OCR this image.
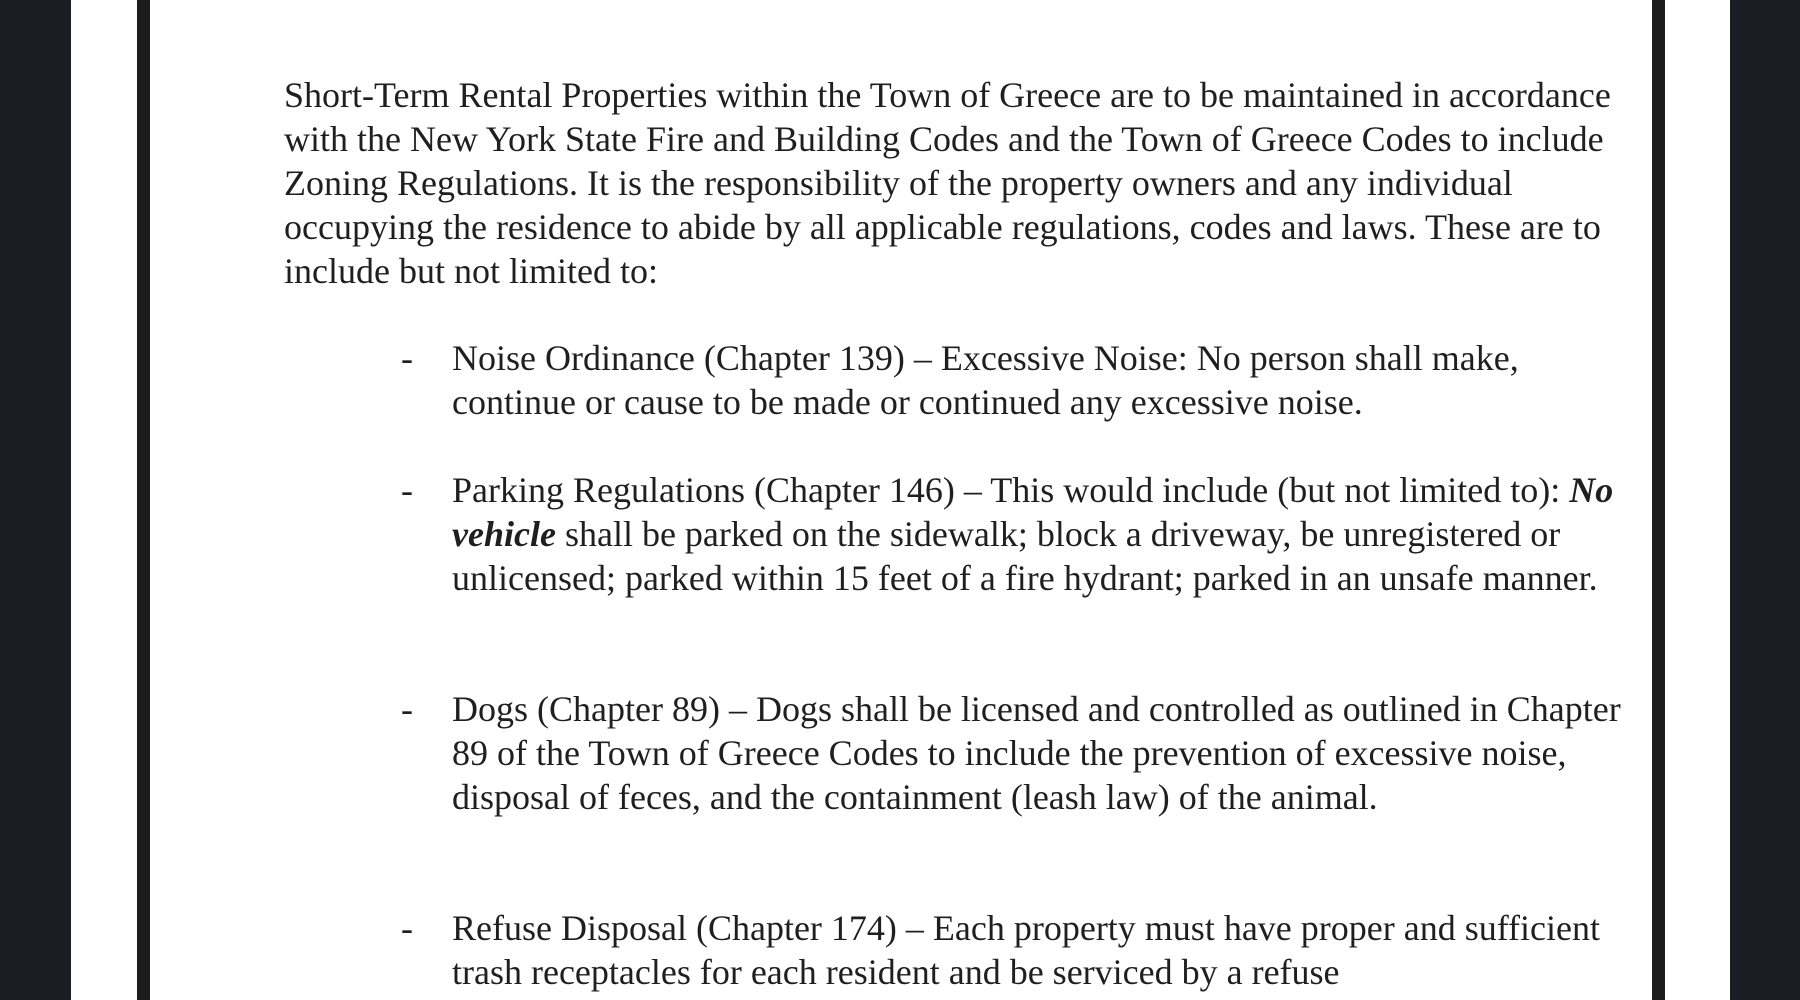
Short-Term Rental Properties within the Town of Greece are to be maintained in accordance with the New York State Fire and Building Codes and the Town of Greece Codes to include Zoning Regulations. It is the responsibility of the property owners and any individual occupying the residence to abide by all applicable regulations, codes and laws. These are to include but not limited to:

- Noise Ordinance (Chapter 139) – Excessive Noise: No person shall make, continue or cause to be made or continued any excessive noise.
- Parking Regulations (Chapter 146) – This would include (but not limited to): No vehicle shall be parked on the sidewalk; block a driveway, be unregistered or unlicensed; parked within 15 feet of a fire hydrant; parked in an unsafe manner.
- Dogs (Chapter 89) – Dogs shall be licensed and controlled as outlined in Chapter 89 of the Town of Greece Codes to include the prevention of excessive noise, disposal of feces, and the containment (leash law) of the animal.
- Refuse Disposal (Chapter 174) – Each property must have proper and sufficient trash receptacles for each resident and be serviced by a refuse
